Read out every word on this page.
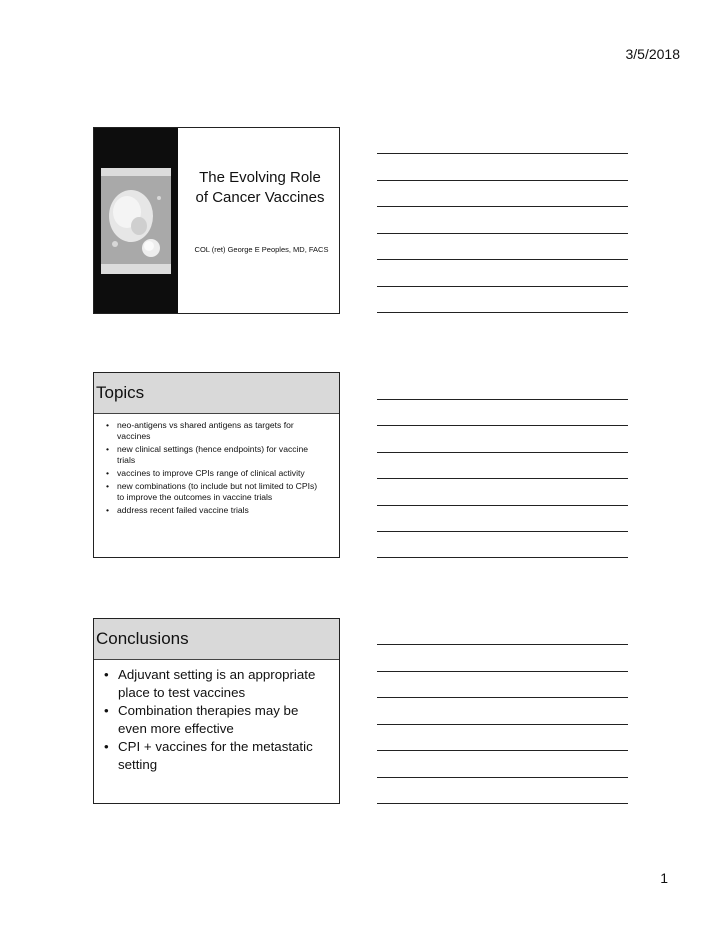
3/5/2018
The Evolving Role
of Cancer Vaccines
COL (ret) George E Peoples, MD, FACS
Topics
• neo-antigens vs shared antigens as targets for vaccines
• new clinical settings (hence endpoints) for vaccine trials
• vaccines to improve CPIs range of clinical activity
• new combinations (to include but not limited to CPIs) to improve the outcomes in vaccine trials
• address recent failed vaccine trials
Conclusions
• Adjuvant setting is an appropriate place to test vaccines
• Combination therapies may be even more effective
• CPI + vaccines for the metastatic setting
1
